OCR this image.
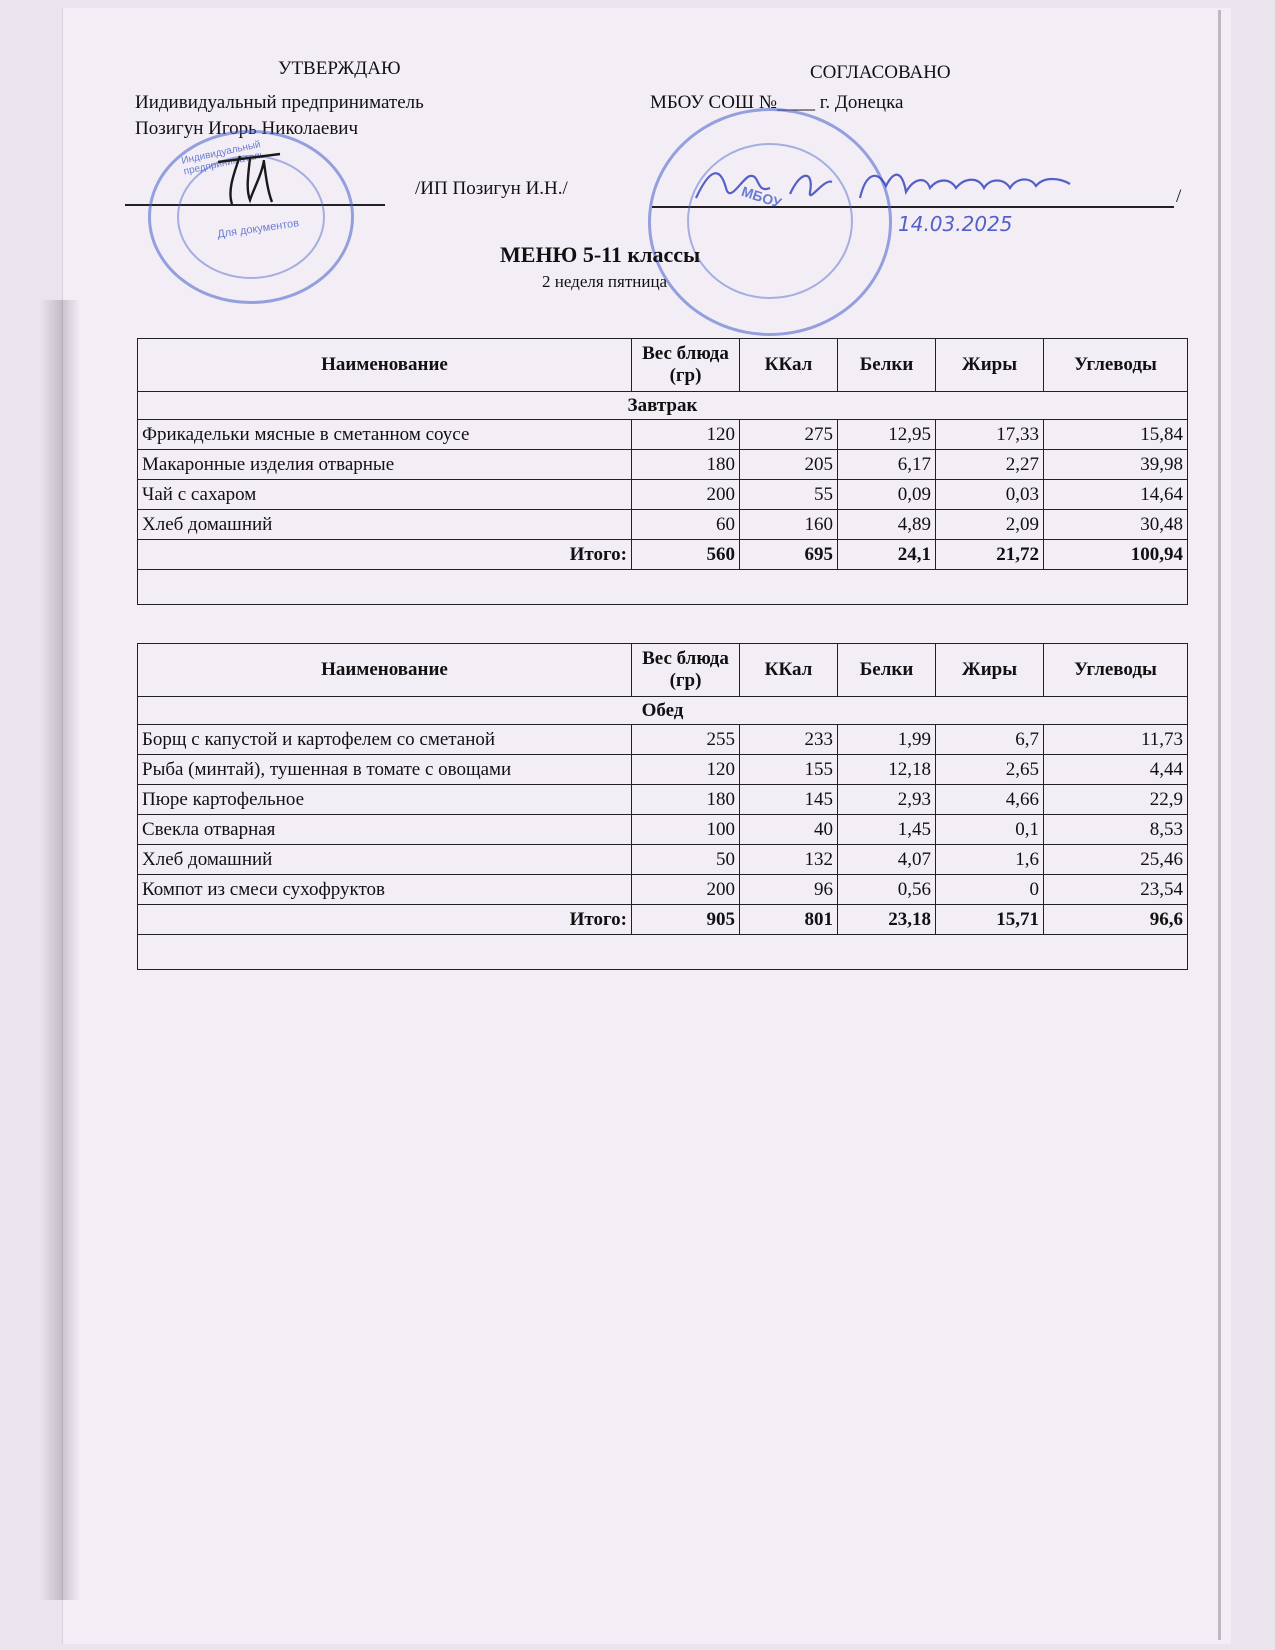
УТВЕРЖДАЮ
Иидивидуальный предприниматель
Позигун Игорь Николаевич
/ИП Позигун И.Н./
СОГЛАСОВАНО
МБОУ СОШ №____ г. Донецка
/
Для документов
Индивидуальный предприниматель
МБОУ
14.03.2025
МЕНЮ 5-11 классы
2 неделя пятница
Наименование	Вес блюда (гр)	ККал	Белки	Жиры	Углеводы
Завтрак					
Фрикадельки мясные в сметанном соусе	120	275	12,95	17,33	15,84
Макаронные изделия отварные	180	205	6,17	2,27	39,98
Чай с сахаром	200	55	0,09	0,03	14,64
Хлеб домашний	60	160	4,89	2,09	30,48
Итого:	560	695	24,1	21,72	100,94

Наименование	Вес блюда (гр)	ККал	Белки	Жиры	Углеводы
Обед					
Борщ с капустой и картофелем со сметаной	255	233	1,99	6,7	11,73
Рыба (минтай), тушенная в томате с овощами	120	155	12,18	2,65	4,44
Пюре картофельное	180	145	2,93	4,66	22,9
Свекла отварная	100	40	1,45	0,1	8,53
Хлеб домашний	50	132	4,07	1,6	25,46
Компот из смеси сухофруктов	200	96	0,56	0	23,54
Итого:	905	801	23,18	15,71	96,6
